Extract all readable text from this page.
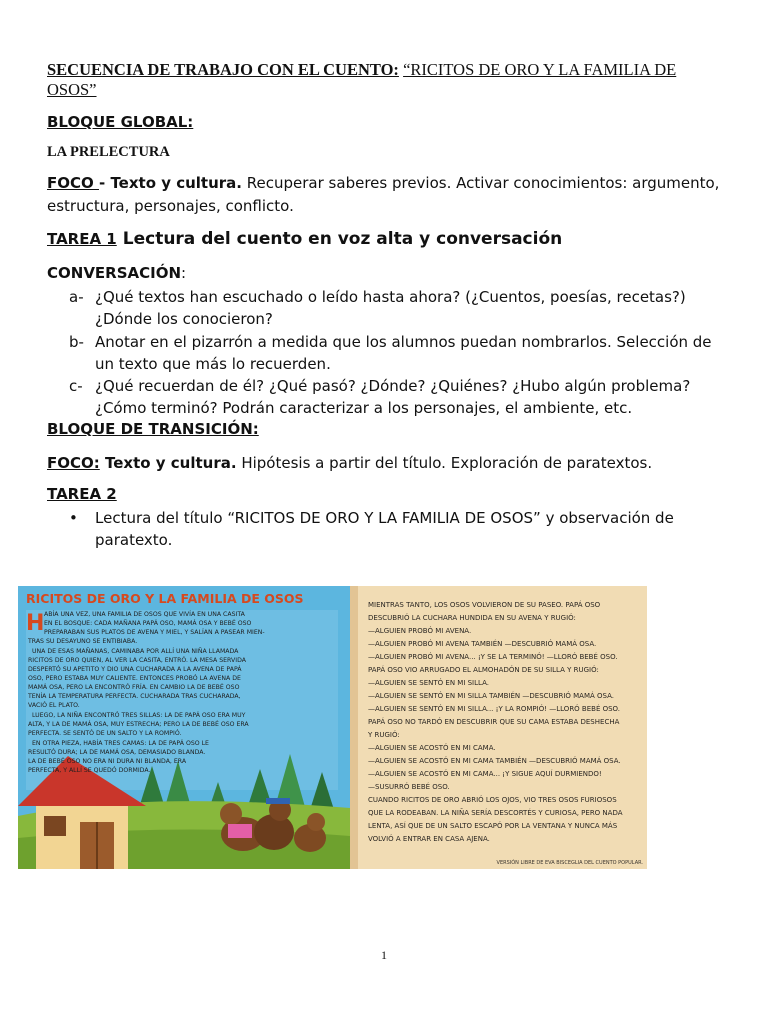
SECUENCIA DE TRABAJO CON EL CUENTO: “RICITOS DE ORO Y LA FAMILIA DE OSOS”
BLOQUE GLOBAL:
LA PRELECTURA
FOCO - Texto y cultura. Recuperar saberes previos. Activar conocimientos: argumento, estructura, personajes, conflicto.
TAREA 1 Lectura del cuento en voz alta y conversación
CONVERSACIÓN:
a- ¿Qué textos han escuchado o leído hasta ahora? (¿Cuentos, poesías, recetas?) ¿Dónde los conocieron?
b- Anotar en el pizarrón a medida que los alumnos puedan nombrarlos. Selección de un texto que más lo recuerden.
c- ¿Qué recuerdan de él? ¿Qué pasó? ¿Dónde? ¿Quiénes? ¿Hubo algún problema? ¿Cómo terminó? Podrán caracterizar a los personajes, el ambiente, etc.
BLOQUE DE TRANSICIÓN:
FOCO: Texto y cultura. Hipótesis a partir del título. Exploración de paratextos.
TAREA 2
•	Lectura del título “RICITOS DE ORO Y LA FAMILIA DE OSOS” y observación de paratexto.
RICITOS DE ORO Y LA FAMILIA DE OSOS
H ABÍA UNA VEZ, UNA FAMILIA DE OSOS QUE VIVÍA EN UNA CASITA
EN EL BOSQUE: CADA MAÑANA PAPÁ OSO, MAMÁ OSA Y BEBÉ OSO
PREPARABAN SUS PLATOS DE AVENA Y MIEL, Y SALÍAN A PASEAR MIEN-
TRAS SU DESAYUNO SE ENTIBIABA.
UNA DE ESAS MAÑANAS, CAMINABA POR ALLÍ UNA NIÑA LLAMADA
RICITOS DE ORO QUIEN, AL VER LA CASITA, ENTRÓ. LA MESA SERVIDA
DESPERTÓ SU APETITO Y DIO UNA CUCHARADA A LA AVENA DE PAPÁ
OSO, PERO ESTABA MUY CALIENTE. ENTONCES PROBÓ LA AVENA DE
MAMÁ OSA, PERO LA ENCONTRÓ FRÍA. EN CAMBIO LA DE BEBÉ OSO
TENÍA LA TEMPERATURA PERFECTA. CUCHARADA TRAS CUCHARADA,
VACIÓ EL PLATO.
LUEGO, LA NIÑA ENCONTRÓ TRES SILLAS: LA DE PAPÁ OSO ERA MUY
ALTA, Y LA DE MAMÁ OSA, MUY ESTRECHA; PERO LA DE BEBÉ OSO ERA
PERFECTA. SE SENTÓ DE UN SALTO Y LA ROMPIÓ.
EN OTRA PIEZA, HABÍA TRES CAMAS: LA DE PAPÁ OSO LE
RESULTÓ DURA; LA DE MAMÁ OSA, DEMASIADO BLANDA.
LA DE BEBÉ OSO NO ERA NI DURA NI BLANDA, ERA
PERFECTA, Y ALLÍ SE QUEDÓ DORMIDA.
MIENTRAS TANTO, LOS OSOS VOLVIERON DE SU PASEO. PAPÁ OSO
DESCUBRIÓ LA CUCHARA HUNDIDA EN SU AVENA Y RUGIÓ:
—ALGUIEN PROBÓ MI AVENA.
—ALGUIEN PROBÓ MI AVENA TAMBIÉN —DESCUBRIÓ MAMÁ OSA.
—ALGUIEN PROBÓ MI AVENA... ¡Y SE LA TERMINÓ! —LLORÓ BEBÉ OSO.
PAPÁ OSO VIO ARRUGADO EL ALMOHADÓN DE SU SILLA Y RUGIÓ:
—ALGUIEN SE SENTÓ EN MI SILLA.
—ALGUIEN SE SENTÓ EN MI SILLA TAMBIÉN —DESCUBRIÓ MAMÁ OSA.
—ALGUIEN SE SENTÓ EN MI SILLA... ¡Y LA ROMPIÓ! —LLORÓ BEBÉ OSO.
PAPÁ OSO NO TARDÓ EN DESCUBRIR QUE SU CAMA ESTABA DESHECHA
Y RUGIÓ:
—ALGUIEN SE ACOSTÓ EN MI CAMA.
—ALGUIEN SE ACOSTÓ EN MI CAMA TAMBIÉN —DESCUBRIÓ MAMÁ OSA.
—ALGUIEN SE ACOSTÓ EN MI CAMA... ¡Y SIGUE AQUÍ DURMIENDO!
—SUSURRÓ BEBÉ OSO.
CUANDO RICITOS DE ORO ABRIÓ LOS OJOS, VIO TRES OSOS FURIOSOS
QUE LA RODEABAN. LA NIÑA SERÍA DESCORTÉS Y CURIOSA, PERO NADA
LENTA, ASÍ QUE DE UN SALTO ESCAPÓ POR LA VENTANA Y NUNCA MÁS
VOLVIÓ A ENTRAR EN CASA AJENA.
VERSIÓN LIBRE DE EVA BISCEGLIA DEL CUENTO POPULAR.
1
